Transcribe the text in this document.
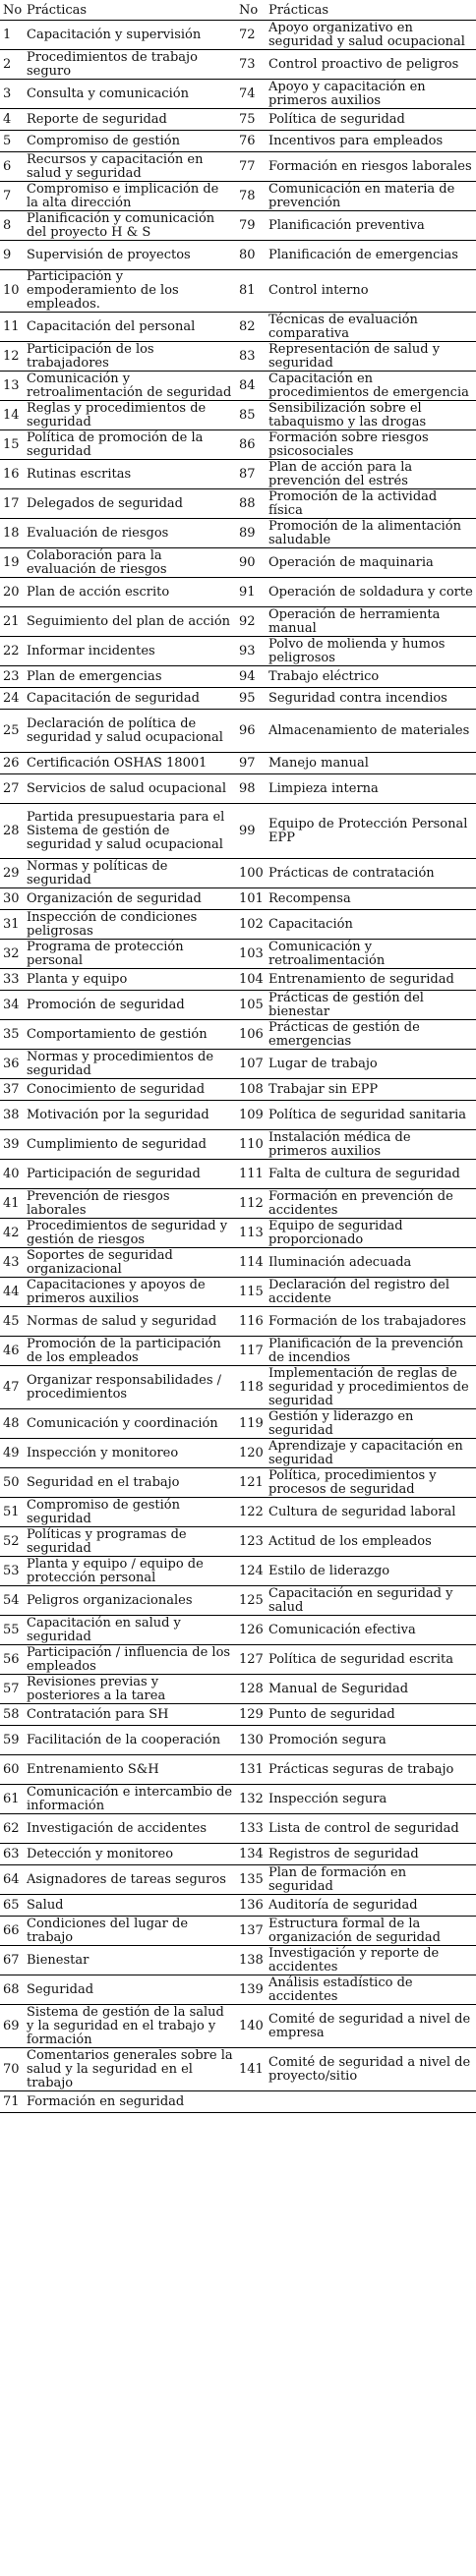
No	Prácticas	No	Prácticas
1	Capacitación y supervisión	72	Apoyo organizativo en seguridad y salud ocupacional
2	Procedimientos de trabajo seguro	73	Control proactivo de peligros
3	Consulta y comunicación	74	Apoyo y capacitación en primeros auxilios
4	Reporte de seguridad	75	Política de seguridad
5	Compromiso de gestión	76	Incentivos para empleados
6	Recursos y capacitación en salud y seguridad	77	Formación en riesgos laborales
7	Compromiso e implicación de la alta dirección	78	Comunicación en materia de prevención
8	Planificación y comunicación del proyecto H & S	79	Planificación preventiva
9	Supervisión de proyectos	80	Planificación de emergencias
10	Participación y empoderamiento de los empleados.	81	Control interno
11	Capacitación del personal	82	Técnicas de evaluación comparativa
12	Participación de los trabajadores	83	Representación de salud y seguridad
13	Comunicación y retroalimentación de seguridad	84	Capacitación en procedimientos de emergencia
14	Reglas y procedimientos de seguridad	85	Sensibilización sobre el tabaquismo y las drogas
15	Política de promoción de la seguridad	86	Formación sobre riesgos psicosociales
16	Rutinas escritas	87	Plan de acción para la prevención del estrés
17	Delegados de seguridad	88	Promoción de la actividad física
18	Evaluación de riesgos	89	Promoción de la alimentación saludable
19	Colaboración para la evaluación de riesgos	90	Operación de maquinaria
20	Plan de acción escrito	91	Operación de soldadura y corte
21	Seguimiento del plan de acción	92	Operación de herramienta manual
22	Informar incidentes	93	Polvo de molienda y humos peligrosos
23	Plan de emergencias	94	Trabajo eléctrico
24	Capacitación de seguridad	95	Seguridad contra incendios
25	Declaración de política de seguridad y salud ocupacional	96	Almacenamiento de materiales
26	Certificación OSHAS 18001	97	Manejo manual
27	Servicios de salud ocupacional	98	Limpieza interna
28	Partida presupuestaria para el Sistema de gestión de seguridad y salud ocupacional	99	Equipo de Protección Personal EPP
29	Normas y políticas de seguridad	100	Prácticas de contratación
30	Organización de seguridad	101	Recompensa
31	Inspección de condiciones peligrosas	102	Capacitación
32	Programa de protección personal	103	Comunicación y retroalimentación
33	Planta y equipo	104	Entrenamiento de seguridad
34	Promoción de seguridad	105	Prácticas de gestión del bienestar
35	Comportamiento de gestión	106	Prácticas de gestión de emergencias
36	Normas y procedimientos de seguridad	107	Lugar de trabajo
37	Conocimiento de seguridad	108	Trabajar sin EPP
38	Motivación por la seguridad	109	Política de seguridad sanitaria
39	Cumplimiento de seguridad	110	Instalación médica de primeros auxilios
40	Participación de seguridad	111	Falta de cultura de seguridad
41	Prevención de riesgos laborales	112	Formación en prevención de accidentes
42	Procedimientos de seguridad y gestión de riesgos	113	Equipo de seguridad proporcionado
43	Soportes de seguridad organizacional	114	Iluminación adecuada
44	Capacitaciones y apoyos de primeros auxilios	115	Declaración del registro del accidente
45	Normas de salud y seguridad	116	Formación de los trabajadores
46	Promoción de la participación de los empleados	117	Planificación de la prevención de incendios
47	Organizar responsabilidades / procedimientos	118	Implementación de reglas de seguridad y procedimientos de seguridad
48	Comunicación y coordinación	119	Gestión y liderazgo en seguridad
49	Inspección y monitoreo	120	Aprendizaje y capacitación en seguridad
50	Seguridad en el trabajo	121	Política, procedimientos y procesos de seguridad
51	Compromiso de gestión seguridad	122	Cultura de seguridad laboral
52	Políticas y programas de seguridad	123	Actitud de los empleados
53	Planta y equipo / equipo de protección personal	124	Estilo de liderazgo
54	Peligros organizacionales	125	Capacitación en seguridad y salud
55	Capacitación en salud y seguridad	126	Comunicación efectiva
56	Participación / influencia de los empleados	127	Política de seguridad escrita
57	Revisiones previas y posteriores a la tarea	128	Manual de Seguridad
58	Contratación para SH	129	Punto de seguridad
59	Facilitación de la cooperación	130	Promoción segura
60	Entrenamiento S&H	131	Prácticas seguras de trabajo
61	Comunicación e intercambio de información	132	Inspección segura
62	Investigación de accidentes	133	Lista de control de seguridad
63	Detección y monitoreo	134	Registros de seguridad
64	Asignadores de tareas seguros	135	Plan de formación en seguridad
65	Salud	136	Auditoría de seguridad
66	Condiciones del lugar de trabajo	137	Estructura formal de la organización de seguridad
67	Bienestar	138	Investigación y reporte de accidentes
68	Seguridad	139	Análisis estadístico de accidentes
69	Sistema de gestión de la salud y la seguridad en el trabajo y formación	140	Comité de seguridad a nivel de empresa
70	Comentarios generales sobre la salud y la seguridad en el trabajo	141	Comité de seguridad a nivel de proyecto/sitio
71	Formación en seguridad		
